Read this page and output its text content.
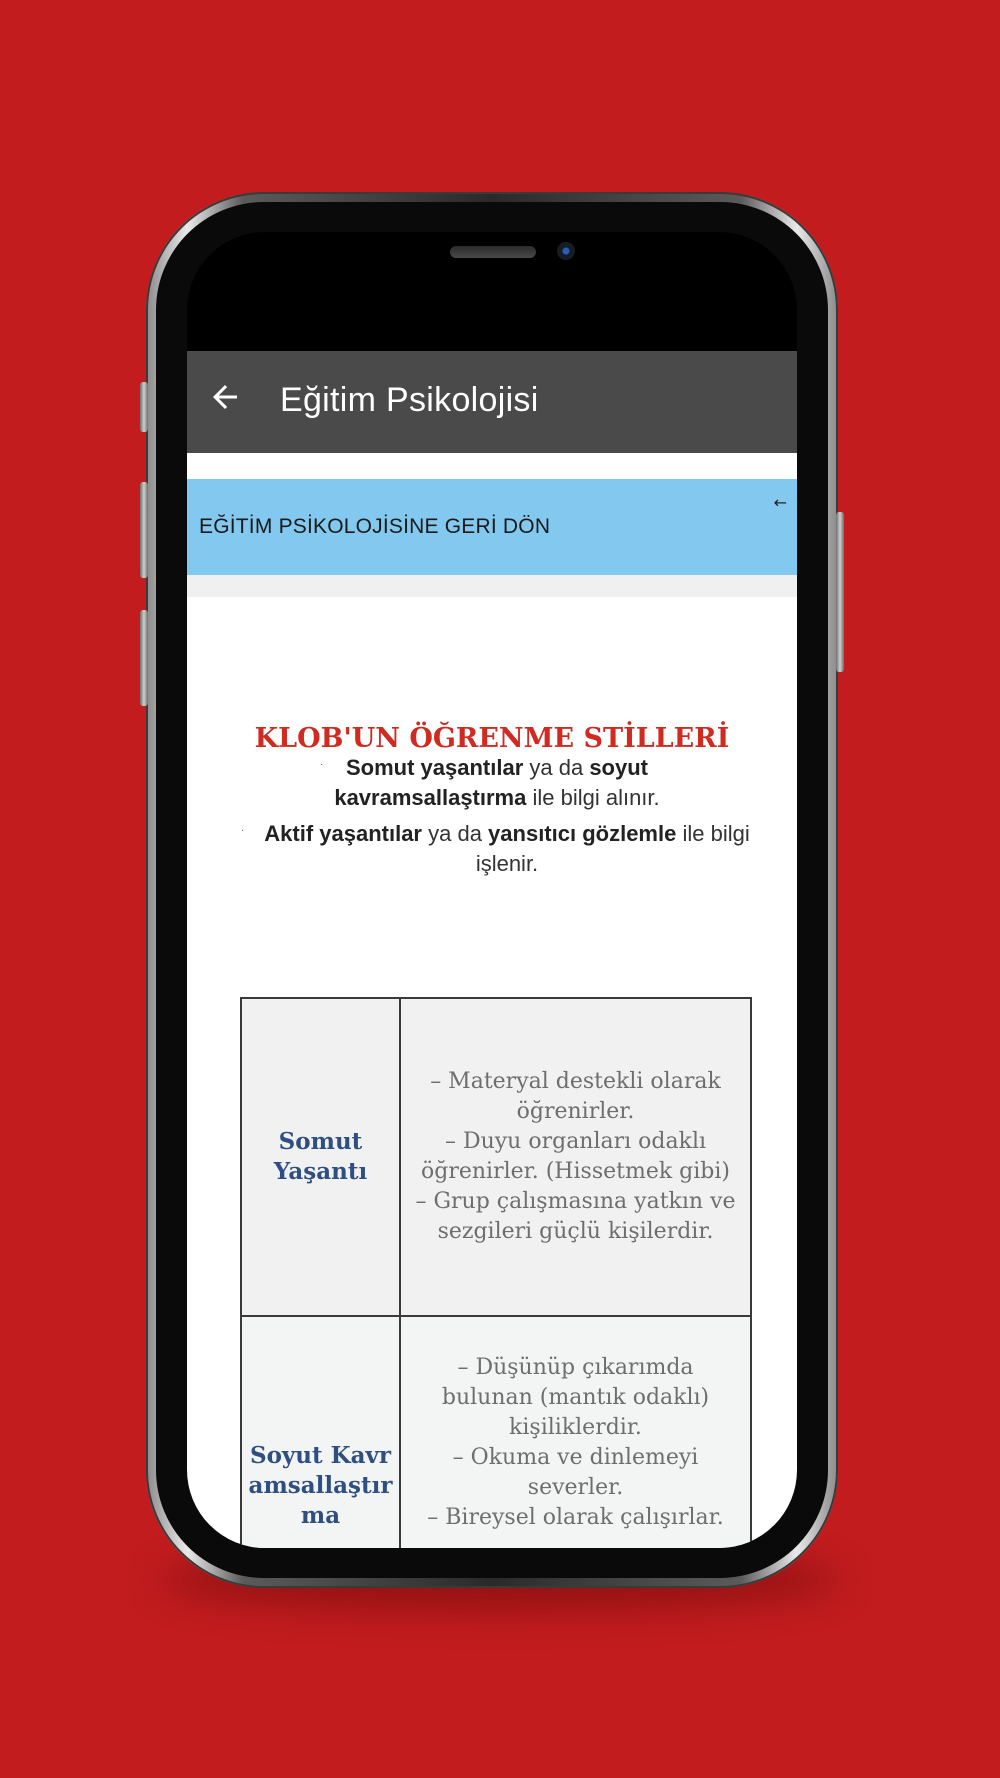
Eğitim Psikolojisi
EĞİTİM PSİKOLOJİSİNE GERİ DÖN
←
KLOB'UN ÖĞRENME STİLLERİ
·	Somut yaşantılar ya da soyut kavramsallaştırma ile bilgi alınır.
· Aktif yaşantılar ya da yansıtıcı gözlemle ile bilgi işlenir.
Somut Yaşantı	– Materyal destekli olarak öğrenirler.
– Duyu organları odaklı öğrenirler. (Hissetmek gibi)
– Grup çalışmasına yatkın ve sezgileri güçlü kişilerdir.

Soyut Kavramsallaştırma	– Düşünüp çıkarımda bulunan (mantık odaklı) kişiliklerdir.
– Okuma ve dinlemeyi severler.
– Bireysel olarak çalışırlar.
